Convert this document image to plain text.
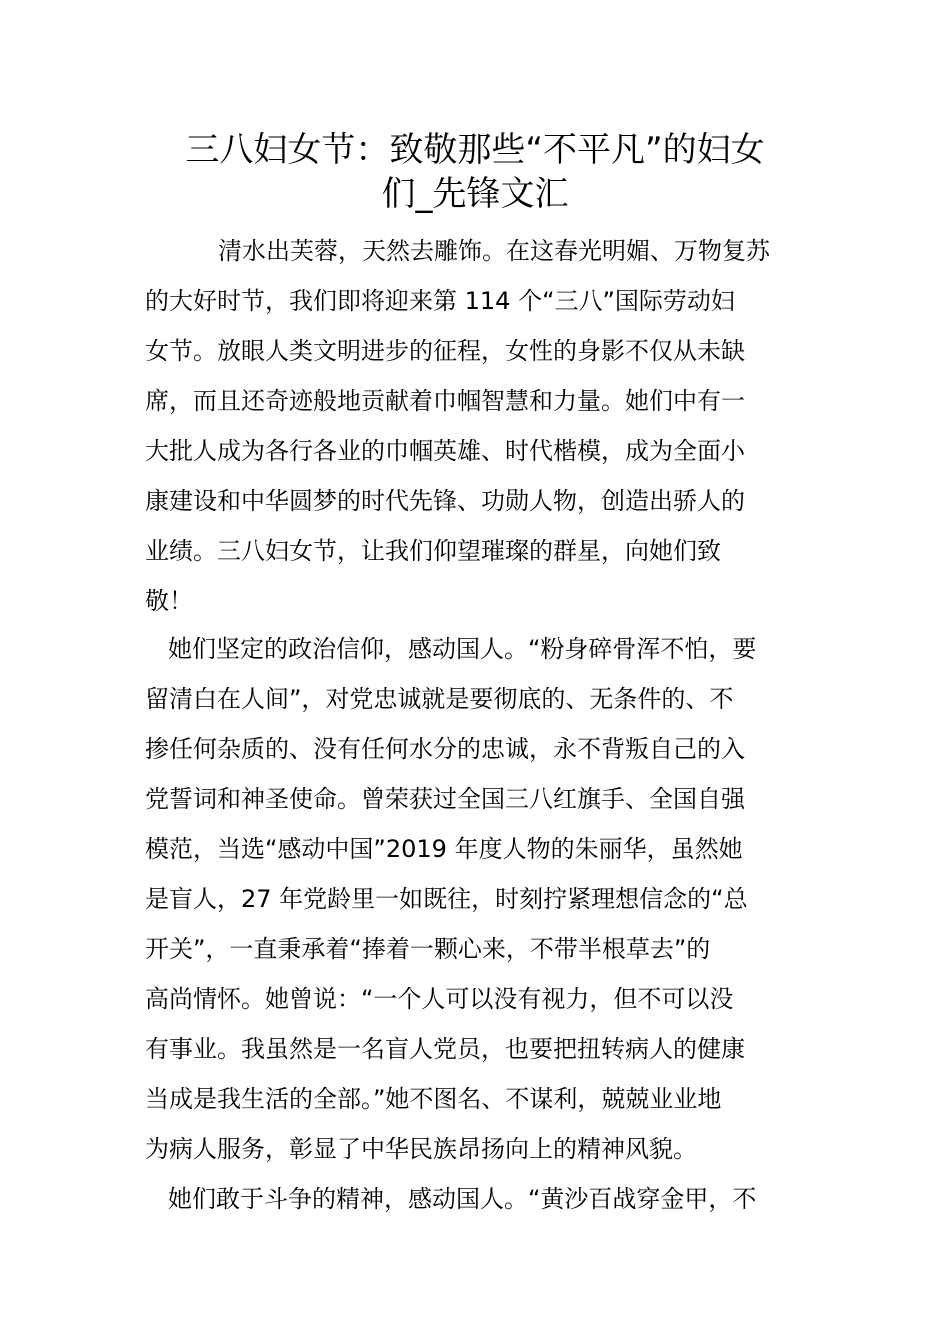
三八妇女节：致敬那些“不平凡”的妇女
们_先锋文汇

清水出芙蓉，天然去雕饰。在这春光明媚、万物复苏

的大好时节，我们即将迎来第 114 个“三八”国际劳动妇

女节。放眼人类文明进步的征程，女性的身影不仅从未缺

席，而且还奇迹般地贡献着巾帼智慧和力量。她们中有一

大批人成为各行各业的巾帼英雄、时代楷模，成为全面小

康建设和中华圆梦的时代先锋、功勋人物，创造出骄人的

业绩。三八妇女节，让我们仰望璀璨的群星，向她们致

敬！

她们坚定的政治信仰，感动国人。“粉身碎骨浑不怕，要

留清白在人间”，对党忠诚就是要彻底的、无条件的、不

掺任何杂质的、没有任何水分的忠诚，永不背叛自己的入

党誓词和神圣使命。曾荣获过全国三八红旗手、全国自强

模范，当选“感动中国”2019 年度人物的朱丽华，虽然她

是盲人，27 年党龄里一如既往，时刻拧紧理想信念的“总

开关”，一直秉承着“捧着一颗心来，不带半根草去”的

高尚情怀。她曾说：“一个人可以没有视力，但不可以没

有事业。我虽然是一名盲人党员，也要把扭转病人的健康

当成是我生活的全部。”她不图名、不谋利，兢兢业业地

为病人服务，彰显了中华民族昂扬向上的精神风貌。

她们敢于斗争的精神，感动国人。“黄沙百战穿金甲，不
